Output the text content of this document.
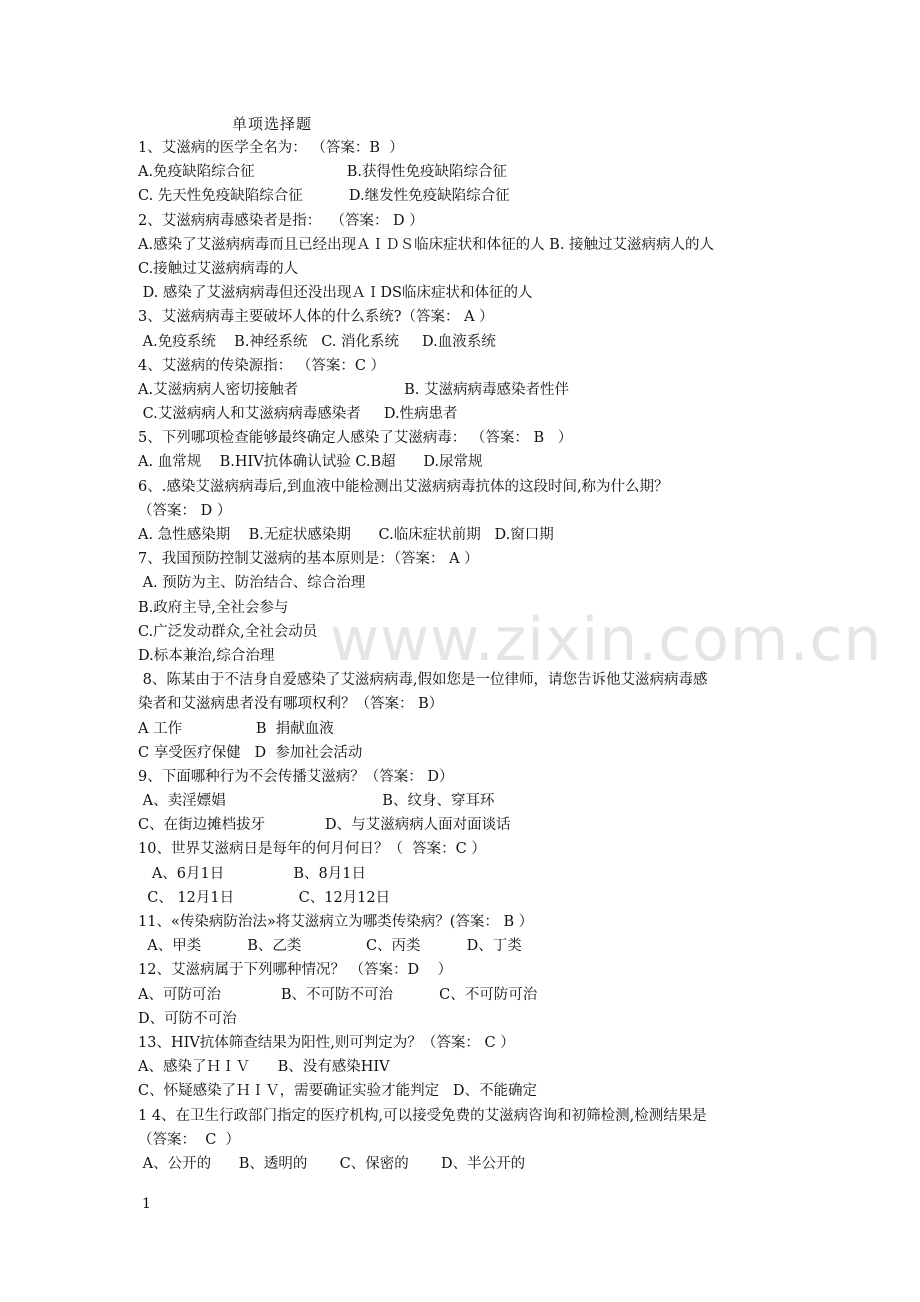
单项选择题
1、艾滋病的医学全名为： （答案：B  ）
A.免疫缺陷综合征                    B.获得性免疫缺陷综合征
C. 先天性免疫缺陷综合征          D.继发性免疫缺陷综合征
2、艾滋病病毒感染者是指：  （答案： D ）
A.感染了艾滋病病毒而且已经出现ＡＩＤＳ临床症状和体征的人 B. 接触过艾滋病病人的人
C.接触过艾滋病病毒的人
D. 感染了艾滋病病毒但还没出现ＡＩDS临床症状和体征的人
3、艾滋病病毒主要破坏人体的什么系统?（答案： A ）
A.免疫系统    B.神经系统   C. 消化系统     D.血液系统
4、艾滋病的传染源指： （答案：C ）
A.艾滋病病人密切接触者                       B. 艾滋病病毒感染者性伴
C.艾滋病病人和艾滋病病毒感染者     D.性病患者
5、下列哪项检查能够最终确定人感染了艾滋病毒： （答案： B   ）
A. 血常规    B.HIV抗体确认试验 C.B超      D.尿常规
6、.感染艾滋病病毒后,到血液中能检测出艾滋病病毒抗体的这段时间,称为什么期？
（答案： D ）
A. 急性感染期    B.无症状感染期      C.临床症状前期   D.窗口期
7、我国预防控制艾滋病的基本原则是：（答案： A ）
A. 预防为主、防治结合、综合治理
B.政府主导,全社会参与
C.广泛发动群众,全社会动员
D.标本兼治,综合治理
8、陈某由于不洁身自爱感染了艾滋病病毒,假如您是一位律师，请您告诉他艾滋病病毒感
染者和艾滋病患者没有哪项权利？（答案： B）
A 工作                B  捐献血液
C 享受医疗保健   D  参加社会活动
9、下面哪种行为不会传播艾滋病？（答案： D）
A、卖淫嫖娼                                  B、纹身、穿耳环
C、在街边摊档拔牙             D、与艾滋病病人面对面谈话
10、世界艾滋病日是每年的何月何日？（  答案：C ）
A、6月1日               B、8月1日
C、 12月1日              C、12月12日
11、«传染病防治法»将艾滋病立为哪类传染病？(答案： B ）
A、甲类          B、乙类              C、丙类          D、丁类
12、艾滋病属于下列哪种情况？ （答案：D    ）
A、可防可治             B、不可防不可治          C、不可防可治
D、可防不可治
13、HIV抗体筛查结果为阳性,则可判定为？（答案： C ）
A、感染了ＨＩＶ      B、没有感染HIV
C、怀疑感染了ＨＩＶ，需要确证实验才能判定   D、不能确定
1 4、在卫生行政部门指定的医疗机构,可以接受免费的艾滋病咨询和初筛检测,检测结果是
（答案：  C  ）
A、公开的      B、透明的       C、保密的       D、半公开的
www.zixin.com.cn
1
